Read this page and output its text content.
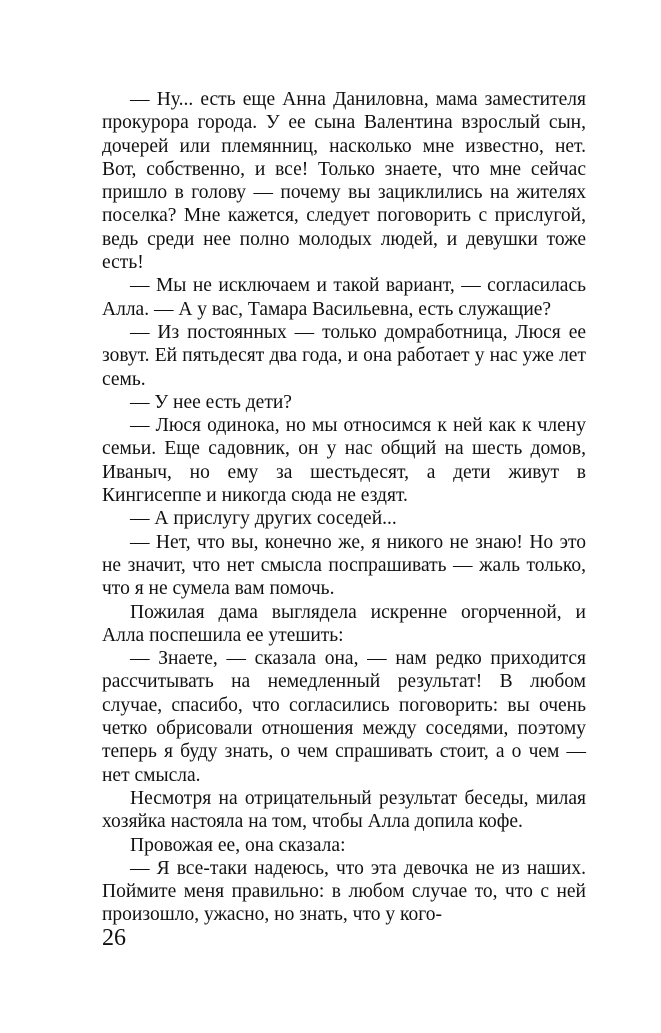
— Ну... есть еще Анна Даниловна, мама заместителя прокурора города. У ее сына Валентина взрослый сын, дочерей или племянниц, насколько мне известно, нет. Вот, собственно, и все! Только знаете, что мне сейчас пришло в голову — почему вы зациклились на жителях поселка? Мне кажется, следует поговорить с прислугой, ведь среди нее полно молодых людей, и девушки тоже есть!

— Мы не исключаем и такой вариант, — согласилась Алла. — А у вас, Тамара Васильевна, есть служащие?

— Из постоянных — только домработница, Люся ее зовут. Ей пятьдесят два года, и она работает у нас уже лет семь.

— У нее есть дети?

— Люся одинока, но мы относимся к ней как к члену семьи. Еще садовник, он у нас общий на шесть домов, Иваныч, но ему за шестьдесят, а дети живут в Кингисеппе и никогда сюда не ездят.

— А прислугу других соседей...

— Нет, что вы, конечно же, я никого не знаю! Но это не значит, что нет смысла поспрашивать — жаль только, что я не сумела вам помочь.

Пожилая дама выглядела искренне огорченной, и Алла поспешила ее утешить:

— Знаете, — сказала она, — нам редко приходится рассчитывать на немедленный результат! В любом случае, спасибо, что согласились поговорить: вы очень четко обрисовали отношения между соседями, поэтому теперь я буду знать, о чем спрашивать стоит, а о чем — нет смысла.

Несмотря на отрицательный результат беседы, милая хозяйка настояла на том, чтобы Алла допила кофе.

Провожая ее, она сказала:

— Я все-таки надеюсь, что эта девочка не из наших. Поймите меня правильно: в любом случае то, что с ней произошло, ужасно, но знать, что у кого-

26
